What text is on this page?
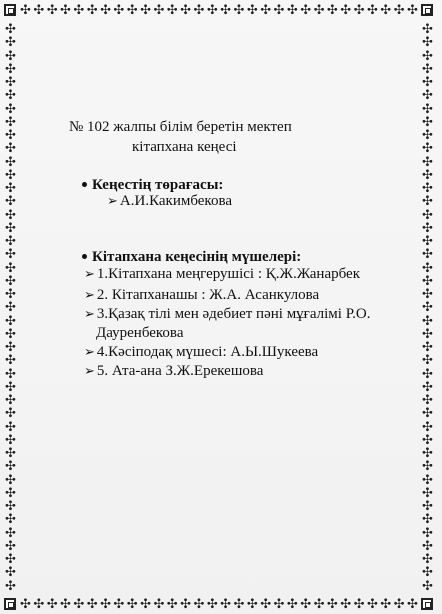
✣ ✣ ✣ ✣ ✣ ✣ ✣ ✣ ✣ ✣ ✣ ✣ ✣ ✣ ✣ ✣ ✣ ✣ ✣ ✣ ✣ ✣ ✣ ✣ ✣ ✣ ✣ ✣ ✣ ✣
✣ ✣ ✣ ✣ ✣ ✣ ✣ ✣ ✣ ✣ ✣ ✣ ✣ ✣ ✣ ✣ ✣ ✣ ✣ ✣ ✣ ✣ ✣ ✣ ✣ ✣ ✣ ✣ ✣ ✣
✣
✣
✣
✣
✣
✣
✣
✣
✣
✣
✣
✣
✣
✣
✣
✣
✣
✣
✣
✣
✣
✣
✣
✣
✣
✣
✣
✣
✣
✣
✣
✣
✣
✣
✣
✣
✣
✣
✣
✣
✣
✣
✣
✣
✣
✣
✣
✣
✣
✣
✣
✣
✣
✣
✣
✣
✣
✣
✣
✣
✣
✣
✣
✣
✣
✣
✣
✣
✣
✣
✣
✣
✣
✣
✣
✣
✣
✣
✣
✣
✣
✣
✣
✣
✣
✣
№ 102 жалпы білім беретін мектеп
кітапхана кеңесі
Кеңестің төрағасы:
➢ А.И.Какимбекова
Кітапхана кеңесінің мүшелері:
➢ 1.Кітапхана меңгерушісі : Қ.Ж.Жанарбек
➢ 2. Кітапханашы : Ж.А. Асанкулова
➢ 3.Қазақ тілі мен әдебиет пәні мұғалімі Р.О.
Дауренбекова
➢ 4.Кәсіподақ мүшесі: А.Ы.Шукеева
➢ 5. Ата-ана З.Ж.Ерекешова
